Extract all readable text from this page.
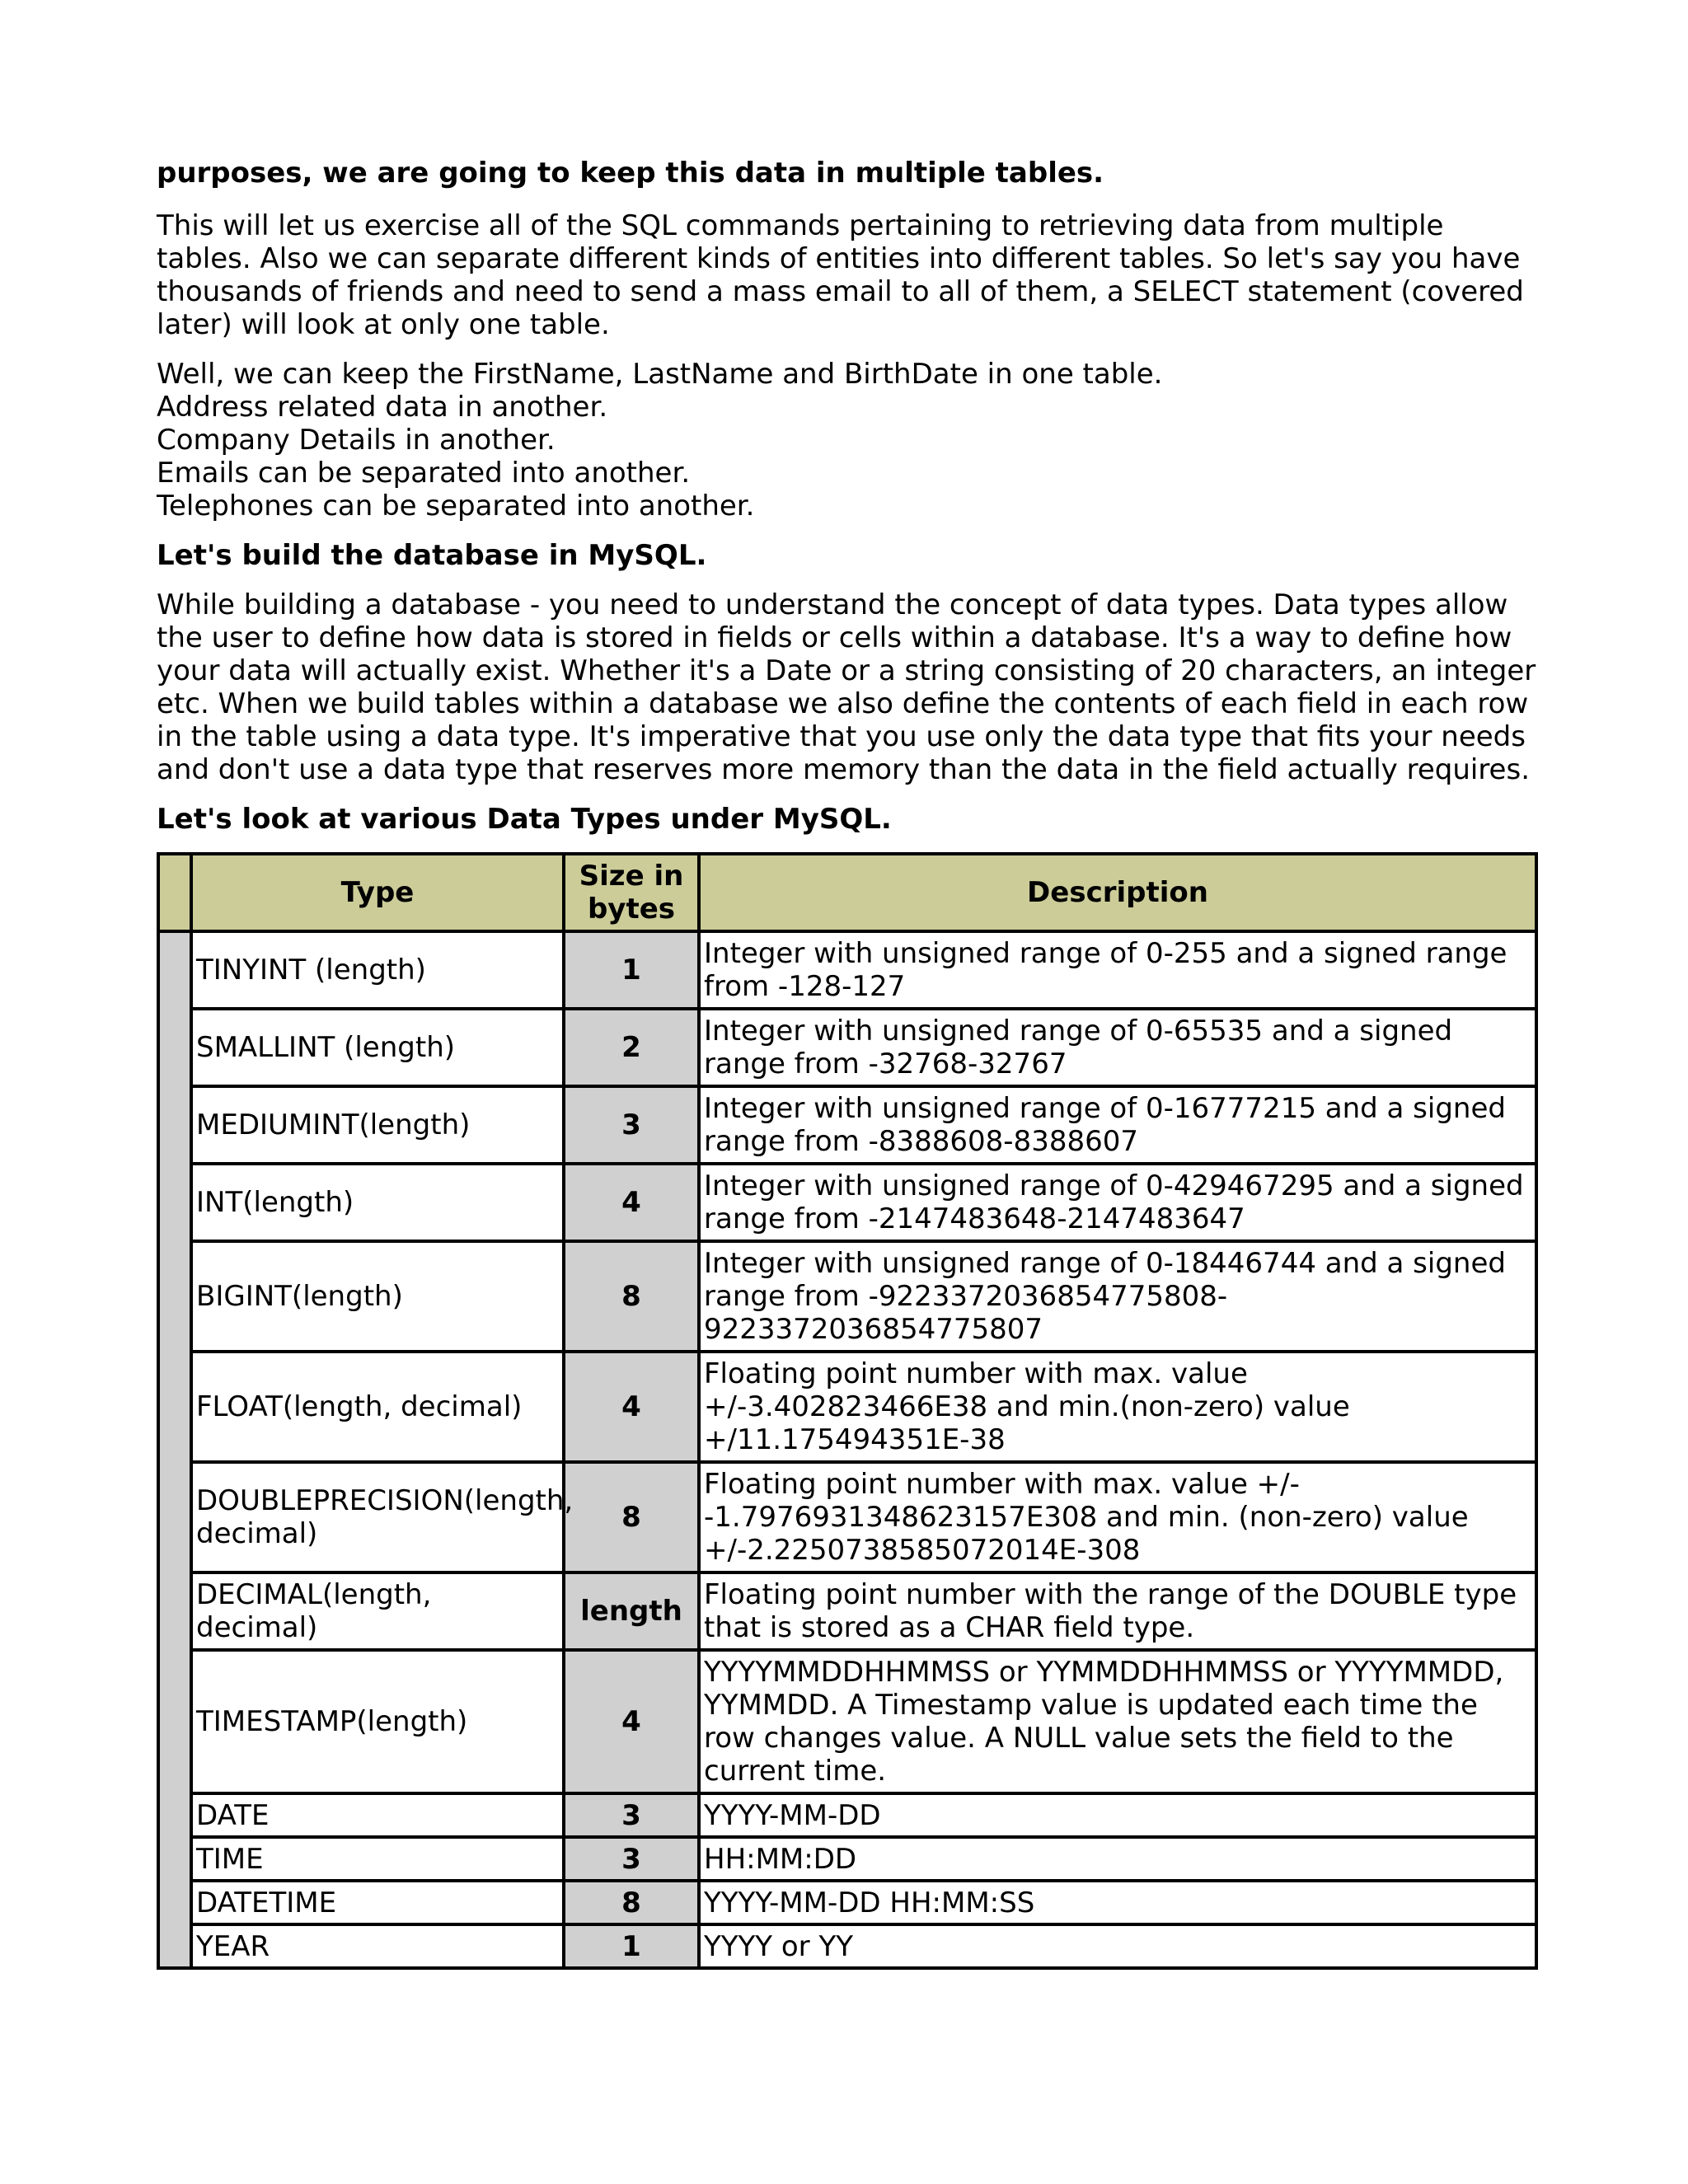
purposes, we are going to keep this data in multiple tables.

This will let us exercise all of the SQL commands pertaining to retrieving data from multiple tables. Also we can separate different kinds of entities into different tables. So let's say you have thousands of friends and need to send a mass email to all of them, a SELECT statement (covered later) will look at only one table.

Well, we can keep the FirstName, LastName and BirthDate in one table.
Address related data in another.
Company Details in another.
Emails can be separated into another.
Telephones can be separated into another.

Let's build the database in MySQL.

While building a database - you need to understand the concept of data types. Data types allow the user to define how data is stored in fields or cells within a database. It's a way to define how your data will actually exist. Whether it's a Date or a string consisting of 20 characters, an integer etc. When we build tables within a database we also define the contents of each field in each row in the table using a data type. It's imperative that you use only the data type that fits your needs and don't use a data type that reserves more memory than the data in the field actually requires.

Let's look at various Data Types under MySQL.

	Type	Size in bytes	Description
	TINYINT (length)	1	Integer with unsigned range of 0-255 and a signed range from -128-127
	SMALLINT (length)	2	Integer with unsigned range of 0-65535 and a signed range from -32768-32767
	MEDIUMINT(length)	3	Integer with unsigned range of 0-16777215 and a signed range from -8388608-8388607
	INT(length)	4	Integer with unsigned range of 0-429467295 and a signed range from -2147483648-2147483647
	BIGINT(length)	8	Integer with unsigned range of 0-18446744 and a signed range from -9223372036854775808-9223372036854775807
	FLOAT(length, decimal)	4	Floating point number with max. value +/-3.402823466E38 and min.(non-zero) value +/11.175494351E-38
	DOUBLEPRECISION(length, decimal)	8	Floating point number with max. value +/- -1.7976931348623157E308 and min. (non-zero) value +/-2.2250738585072014E-308
	DECIMAL(length, decimal)	length	Floating point number with the range of the DOUBLE type that is stored as a CHAR field type.
	TIMESTAMP(length)	4	YYYYMMDDHHMMSS or YYMMDDHHMMSS or YYYYMMDD, YYMMDD. A Timestamp value is updated each time the row changes value. A NULL value sets the field to the current time.
	DATE	3	YYYY-MM-DD
	TIME	3	HH:MM:DD
	DATETIME	8	YYYY-MM-DD HH:MM:SS
	YEAR	1	YYYY or YY
